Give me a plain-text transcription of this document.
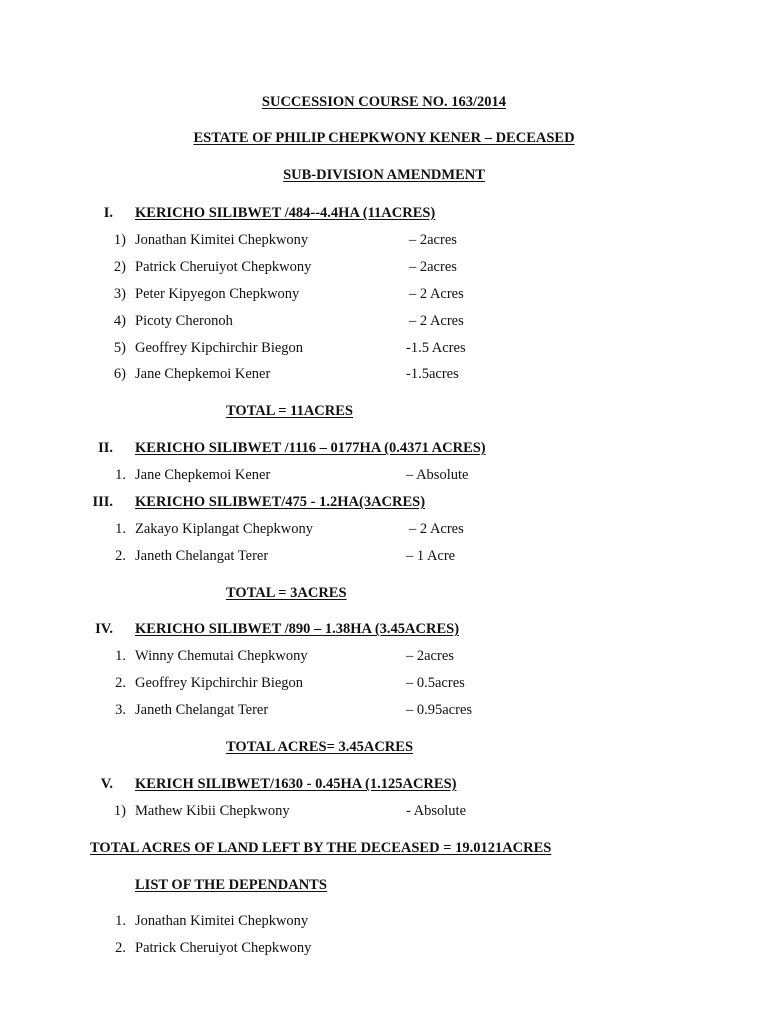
SUCCESSION COURSE NO. 163/2014
ESTATE OF PHILIP CHEPKWONY KENER – DECEASED
SUB-DIVISION AMENDMENT
I. KERICHO SILIBWET /484--4.4HA (11ACRES)
1) Jonathan Kimitei Chepkwony	– 2acres
2) Patrick Cheruiyot Chepkwony	– 2acres
3) Peter Kipyegon Chepkwony	– 2 Acres
4) Picoty Cheronoh	– 2 Acres
5) Geoffrey Kipchirchir Biegon	-1.5 Acres
6) Jane Chepkemoi Kener	-1.5acres
TOTAL = 11ACRES
II. KERICHO SILIBWET /1116 – 0177HA (0.4371 ACRES)
1. Jane Chepkemoi Kener	– Absolute
III. KERICHO SILIBWET/475 - 1.2HA(3ACRES)
1. Zakayo Kiplangat Chepkwony	– 2 Acres
2. Janeth Chelangat Terer	– 1 Acre
TOTAL = 3ACRES
IV. KERICHO SILIBWET /890 – 1.38HA (3.45ACRES)
1. Winny Chemutai Chepkwony	– 2acres
2. Geoffrey Kipchirchir Biegon	– 0.5acres
3. Janeth Chelangat Terer	– 0.95acres
TOTAL ACRES= 3.45ACRES
V. KERICH SILIBWET/1630 - 0.45HA (1.125ACRES)
1) Mathew Kibii Chepkwony	- Absolute
TOTAL ACRES OF LAND LEFT BY THE DECEASED = 19.0121ACRES
LIST OF THE DEPENDANTS
1. Jonathan Kimitei Chepkwony
2. Patrick Cheruiyot Chepkwony
